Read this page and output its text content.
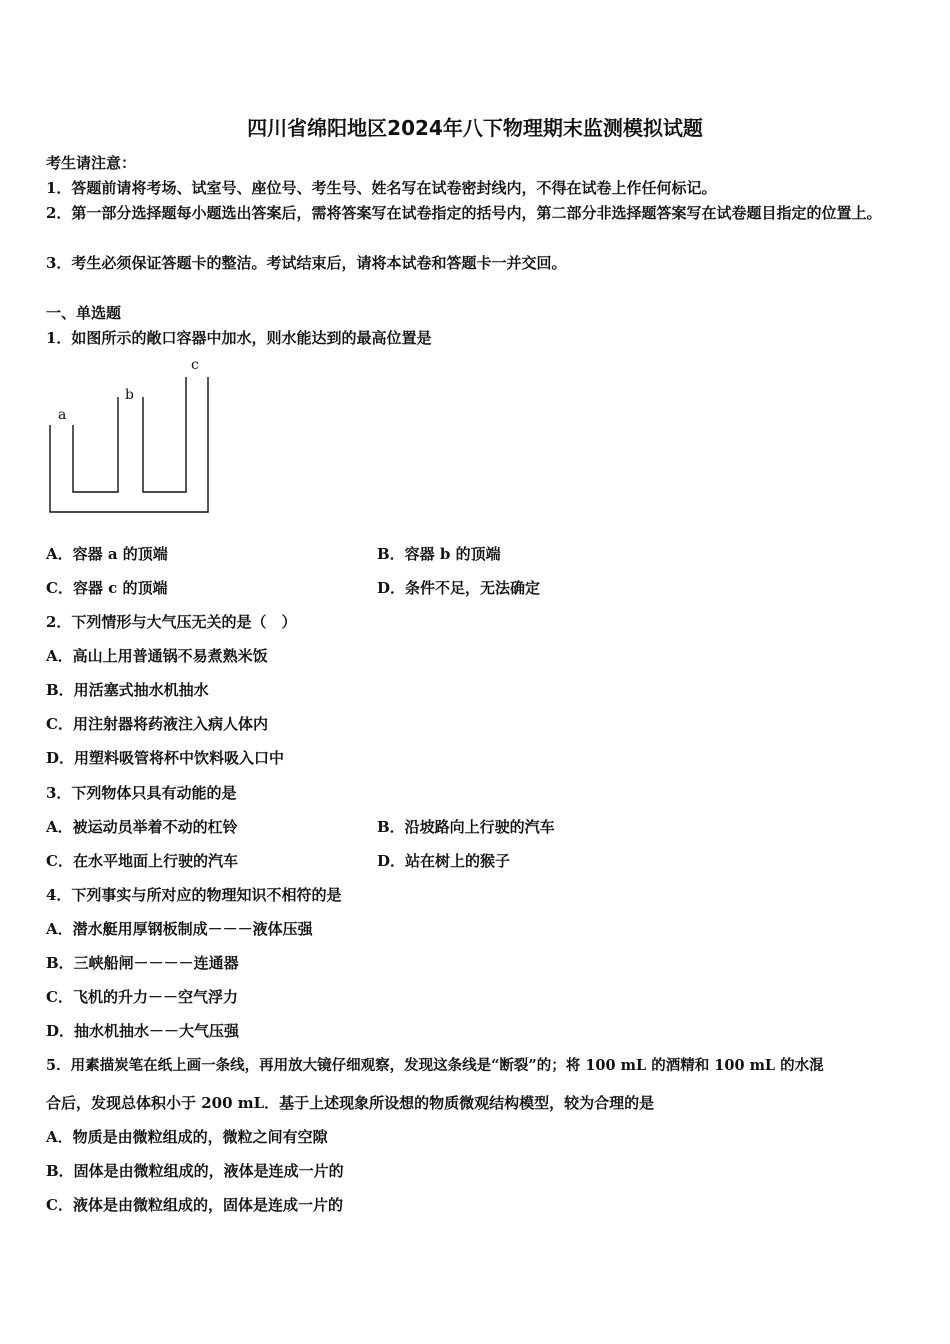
四川省绵阳地区2024年八下物理期末监测模拟试题
考生请注意：
1．答题前请将考场、试室号、座位号、考生号、姓名写在试卷密封线内，不得在试卷上作任何标记。
2．第一部分选择题每小题选出答案后，需将答案写在试卷指定的括号内，第二部分非选择题答案写在试卷题目指定的位置上。
3．考生必须保证答题卡的整洁。考试结束后，请将本试卷和答题卡一并交回。
一、单选题
1．如图所示的敞口容器中加水，则水能达到的最高位置是
a
b
c
A．容器 a 的顶端	B．容器 b 的顶端
C．容器 c 的顶端	D．条件不足，无法确定
2．下列情形与大气压无关的是（　）
A．高山上用普通锅不易煮熟米饭
B．用活塞式抽水机抽水
C．用注射器将药液注入病人体内
D．用塑料吸管将杯中饮料吸入口中
3．下列物体只具有动能的是
A．被运动员举着不动的杠铃	B．沿坡路向上行驶的汽车
C．在水平地面上行驶的汽车	D．站在树上的猴子
4．下列事实与所对应的物理知识不相符的是
A．潜水艇用厚钢板制成－－－液体压强
B．三峡船闸－－－－连通器
C．飞机的升力－－空气浮力
D．抽水机抽水－－大气压强
5．用素描炭笔在纸上画一条线，再用放大镜仔细观察，发现这条线是“断裂”的；将 100 mL 的酒精和 100 mL 的水混
合后，发现总体积小于 200 mL．基于上述现象所设想的物质微观结构模型，较为合理的是
A．物质是由微粒组成的，微粒之间有空隙
B．固体是由微粒组成的，液体是连成一片的
C．液体是由微粒组成的，固体是连成一片的
